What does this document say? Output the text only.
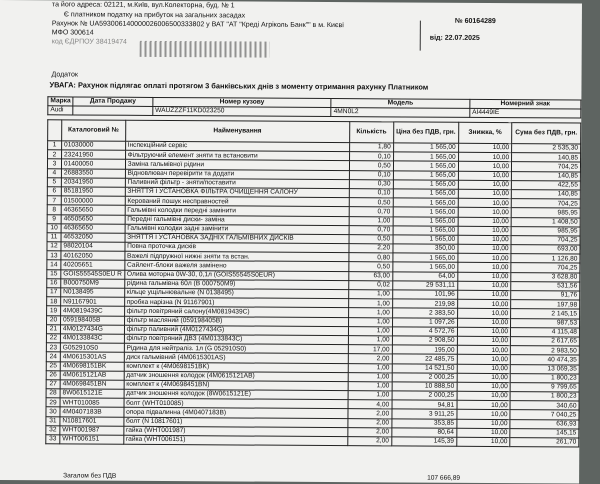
та його адреса: 02121, м.Київ, вул.Колекторна, буд. № 1
Є платником податку на прибуток на загальних засадах
Рахунок № UA593006140000026006500333802 у ВАТ "АТ "Креді Агріколь Банк"" в м. Києві
МФО 300614
код ЄДРПОУ 38419474
Додаток
№ 60164289
від: 22.07.2025
УВАГА: Рахунок підлягає оплаті протягом 3 банківських днів з моменту отримання рахунку Платником
Марка	Дата Продажу	Номер кузову	Модель	Номерний знак
Audi		WAUZZZF11KD023250	4MN0L2	AI4449IE
	Каталоговий №	Найменування	Кількість	Ціна без ПДВ, грн.	Знижка, %	Сума без ПДВ, грн.
1	01030000	Інспекційний сервіс	1,80	1 565,00	10,00	2 535,30
2	23241950	Фільтруючий елемент зняти та встановити	0,10	1 565,00	10,00	140,85
3	01400050	Заміна гальмівної рідини	0,50	1 565,00	10,00	704,25
4	26883550	Відновлювач перевірити та додати	0,10	1 565,00	10,00	140,85
5	20341950	Паливний фільтр - зняти/поставити	0,30	1 565,00	10,00	422,55
6	85181950	ЗНЯТТЯ І УСТАНОВКА ФІЛЬТРА ОЧИЩЕННЯ САЛОНУ	0,10	1 565,00	10,00	140,85
7	01500000	Керований пошук несправностей	0,50	1 565,00	10,00	704,25
8	46365650	Гальмівні колодки передні замінити	0,70	1 565,00	10,00	985,95
9	46505650	Передні гальмівні диски- заміна	1,00	1 565,00	10,00	1 408,50
10	46365650	Гальмівні колодки задні замінити	0,70	1 565,00	10,00	985,95
11	46532050	ЗНЯТТЯ І УСТАНОВКА ЗАДНІХ ГАЛЬМІВНИХ ДИСКІВ	0,50	1 565,00	10,00	704,25
12	98020104	Повна проточка дисків	2,20	350,00	10,00	693,00
13	40162050	Важелі підпружної нижні зняти та встан.	0,80	1 565,00	10,00	1 126,80
14	40205651	Сайлент-блоки важеля замінено	0,50	1 565,00	10,00	704,25
15	GOIS55545S0EU R	Олива моторна 0W-30, 0,1л (GOIS55545S0EUR)	63,00	64,00	10,00	3 628,80
16	B000750M9	рідина гальмівна 60л (B 000750M9)	0,02	29 531,11	10,00	531,56
17	N0138495	кільце ущільнювальне (N 0138495)	1,00	101,96	10,00	91,76
18	N91167901	пробка нарізна (N 91167901)	1,00	219,98	10,00	197,98
19	4M0819439C	фільтр повітряний салону(4M0819439C)	1,00	2 383,50	10,00	2 145,15
20	059198405B	фільтр масляний (059198405B)	1,00	1 097,26	10,00	987,53
21	4M0127434G	фільтр паливний (4M0127434G)	1,00	4 572,76	10,00	4 115,48
22	4M0133843C	фільтр повітряний ДВЗ (4M0133843C)	1,00	2 908,50	10,00	2 617,65
23	G052910S0	Рідина для нейтраліз. 1л (G 052910S0)	17,00	195,00	10,00	2 983,50
24	4M0615301AS	диск гальмівний (4M0615301AS)	2,00	22 485,75	10,00	40 474,35
25	4M0698151BK	комплект к (4M0698151BK)	1,00	14 521,50	10,00	13 069,35
26	4M0615121AB	датчик зношення колодок (4M0615121AB)	1,00	2 000,25	10,00	1 800,23
27	4M0698451BN	комплект к (4M0698451BN)	1,00	10 888,50	10,00	9 799,65
28	8W0615121E	датчик зношення колодок (8W0615121E)	1,00	2 000,25	10,00	1 800,23
29	WHT010085	болт (WHT010085)	4,00	94,81	10,00	340,60
30	4M0407183B	опора підвалинна (4M0407183B)	2,00	3 911,25	10,00	7 040,25
31	N10817601	болт (N 10817601)	2,00	353,85	10,00	636,93
32	WHT001987	гайка (WHT001987)	2,00	80,64	10,00	145,15
33	WHT006151	гайка (WHT006151)	2,00	145,39	10,00	261,70
Загалом без ПДВ	107 666,89
